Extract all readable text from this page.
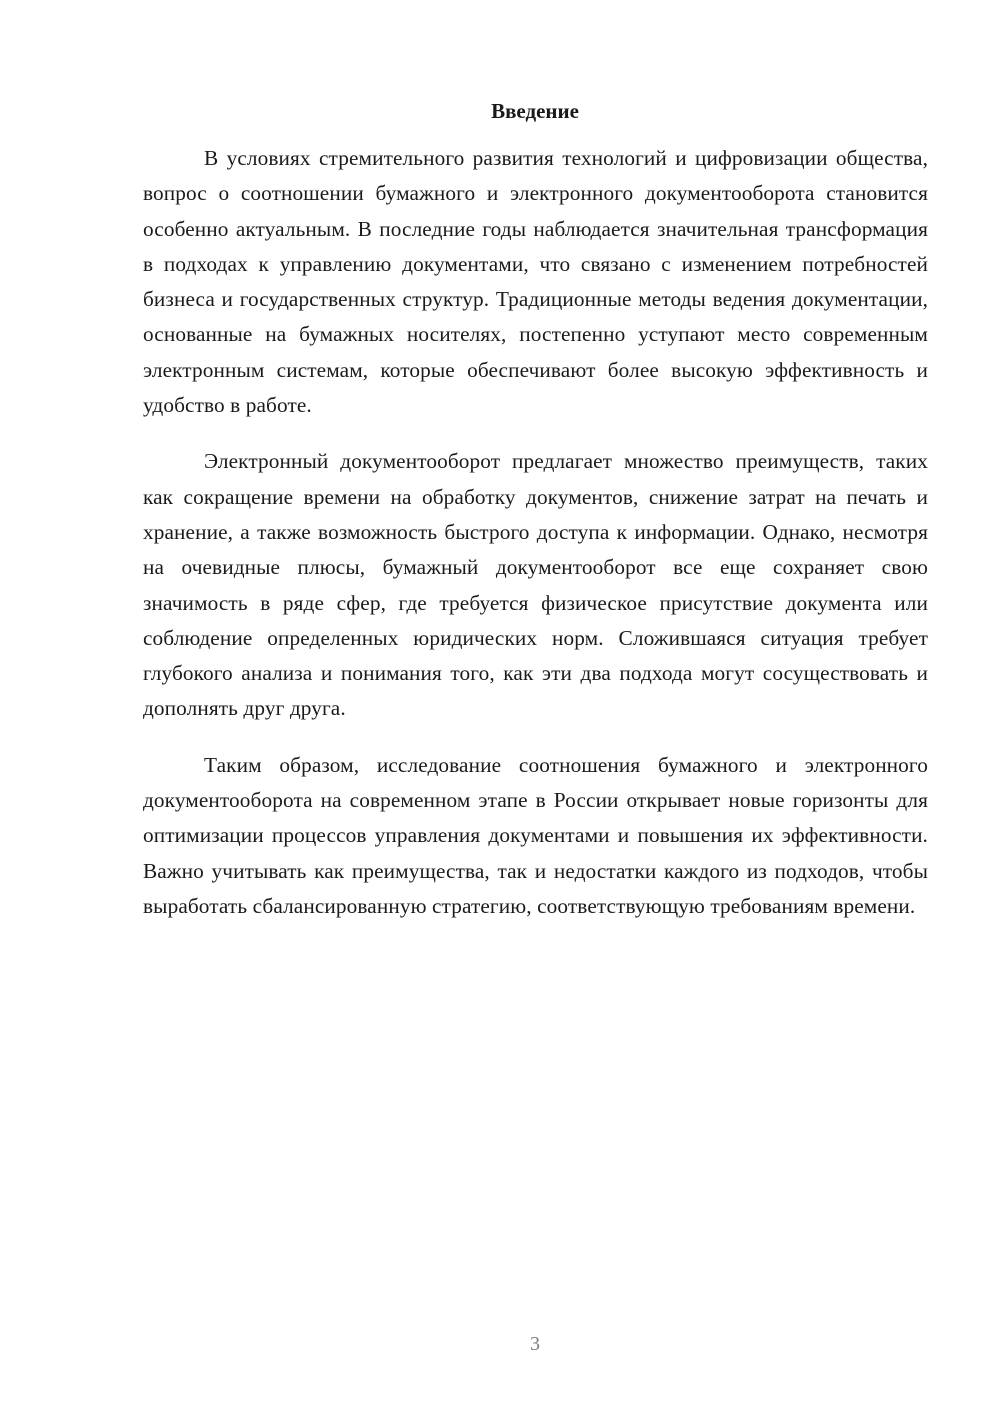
Введение

В условиях стремительного развития технологий и цифровизации общества, вопрос о соотношении бумажного и электронного документооборота становится особенно актуальным. В последние годы наблюдается значительная трансформация в подходах к управлению документами, что связано с изменением потребностей бизнеса и государственных структур. Традиционные методы ведения документации, основанные на бумажных носителях, постепенно уступают место современным электронным системам, которые обеспечивают более высокую эффективность и удобство в работе.

Электронный документооборот предлагает множество преимуществ, таких как сокращение времени на обработку документов, снижение затрат на печать и хранение, а также возможность быстрого доступа к информации. Однако, несмотря на очевидные плюсы, бумажный документооборот все еще сохраняет свою значимость в ряде сфер, где требуется физическое присутствие документа или соблюдение определенных юридических норм. Сложившаяся ситуация требует глубокого анализа и понимания того, как эти два подхода могут сосуществовать и дополнять друг друга.

Таким образом, исследование соотношения бумажного и электронного документооборота на современном этапе в России открывает новые горизонты для оптимизации процессов управления документами и повышения их эффективности. Важно учитывать как преимущества, так и недостатки каждого из подходов, чтобы выработать сбалансированную стратегию, соответствующую требованиям времени.

3
